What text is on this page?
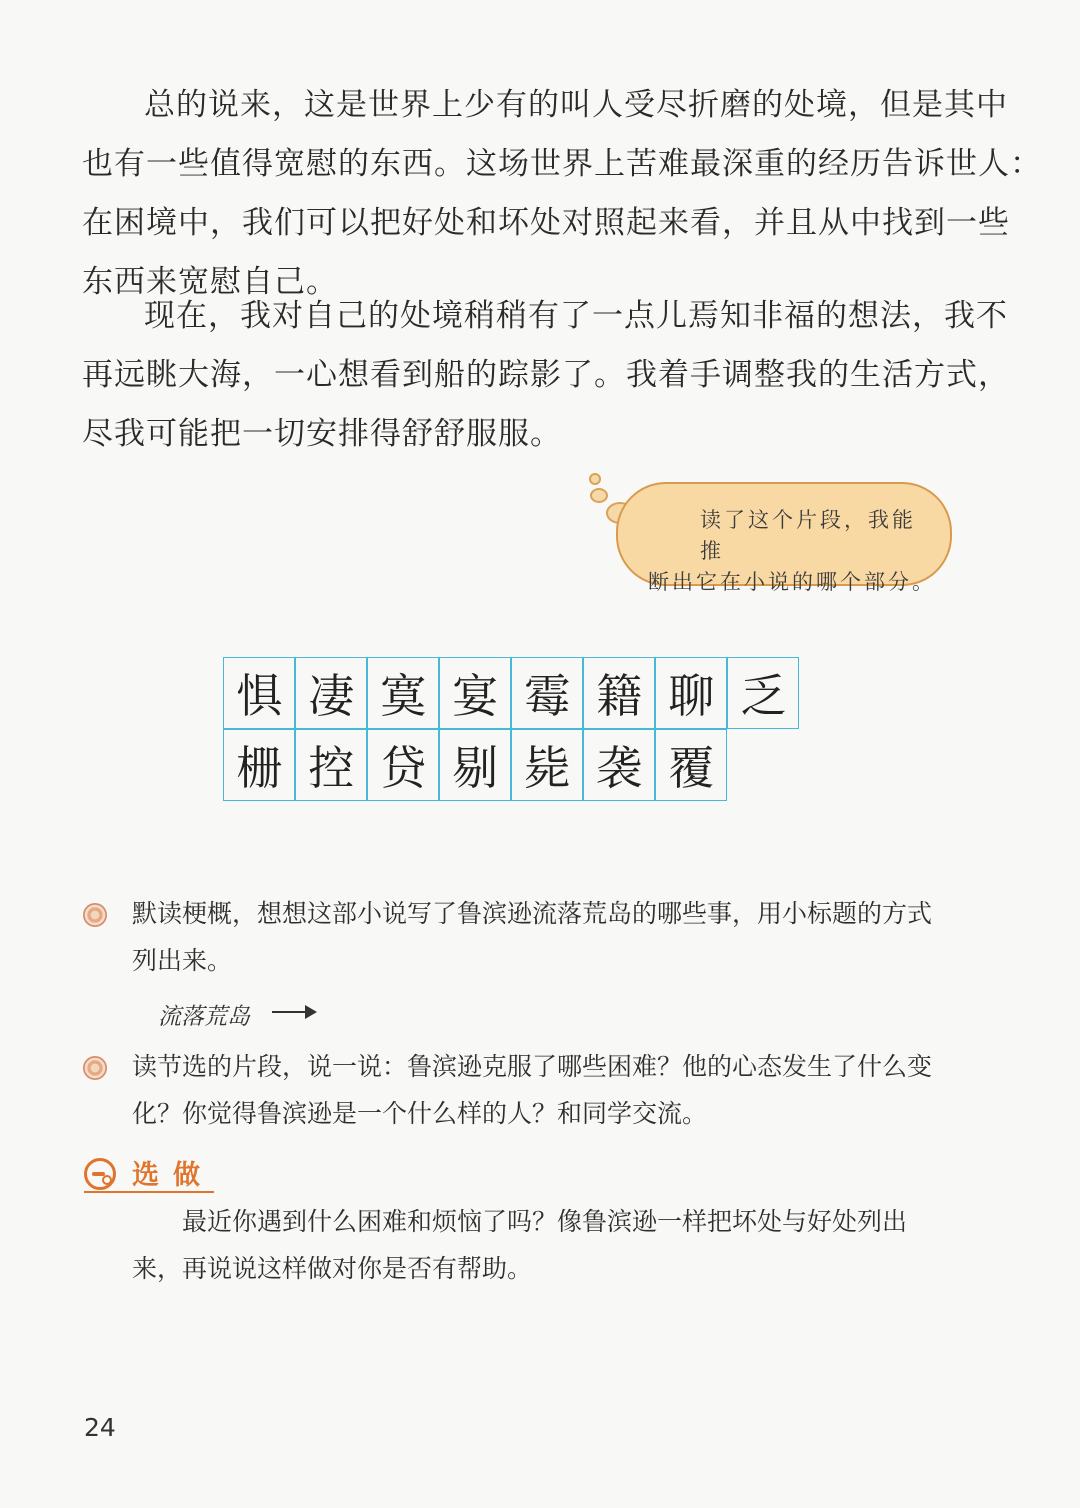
总的说来，这是世界上少有的叫人受尽折磨的处境，但是其中
也有一些值得宽慰的东西。这场世界上苦难最深重的经历告诉世人：
在困境中，我们可以把好处和坏处对照起来看，并且从中找到一些
东西来宽慰自己。
现在，我对自己的处境稍稍有了一点儿焉知非福的想法，我不
再远眺大海，一心想看到船的踪影了。我着手调整我的生活方式，
尽我可能把一切安排得舒舒服服。
读了这个片段，我能推
断出它在小说的哪个部分。
惧 凄 寞 宴 霉 籍 聊 乏
栅 控 贷 剔 毙 袭 覆
默读梗概，想想这部小说写了鲁滨逊流落荒岛的哪些事，用小标题的方式
列出来。
流落荒岛
读节选的片段，说一说：鲁滨逊克服了哪些困难？他的心态发生了什么变
化？你觉得鲁滨逊是一个什么样的人？和同学交流。
选做
最近你遇到什么困难和烦恼了吗？像鲁滨逊一样把坏处与好处列出
来，再说说这样做对你是否有帮助。
24
